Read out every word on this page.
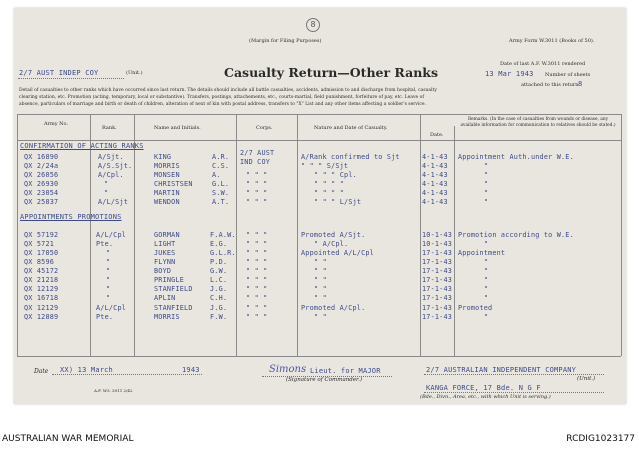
8
(Margin for Filing Purposes)	Army Form W.3011 (Books of 50).
2/7 AUST INDEP COY	(Unit.)	Casualty Return—Other Ranks
Date of last A.F. W.3011 rendered
13 Mar 1943 Number of sheets
8
attached to this return
Detail of casualties to other ranks which have occurred since last return. The details should include all battle casualties, accidents, admission to and discharge from hospital, casualty
clearing station, etc. Promotion (acting, temporary, local or substantive). Transfers, postings, attachements, etc., courts-martial, field punishment, forfeiture of pay, etc. Leave of
absence, particulars of marriage and birth or death of children, alteration of next of kin with postal address, transfers to "X" List and any other items affecting a soldier's service.
Army No.
Rank.	Name and Initials.	Corps.	Nature and Date of Casualty.
Date.
Remarks. (In the case of casualties from wounds or disease, any available information for communication to relatives should be stated.)
CONFIRMATION OF ACTING RANKS
QX 16890	A/Sjt.	KING	A.R. 2/7 AUST	A/Rank confirmed to Sjt	4-1-43 Appointment Auth.under W.E.
QX 2/24a	A/S.Sjt.	MORRIS	C.S. IND COY	" " " S/Sjt	4-1-43	"
QX 26056	A/Cpl.	MONSEN	A.	" " "	" " " Cpl.	4-1-43	"
QX 26930	"	CHRISTSEN	G.L. " " "	" " " "	4-1-43	"
QX 23054	"	MARTIN	S.W. " " "	" " " "	4-1-43	"
QX 25837	A/L/Sjt	WENDON	A.T. " " "	" " " L/Sjt	4-1-43	"
APPOINTMENTS PROMOTIONS
QX 57192	A/L/Cpl	GORMAN	F.A.W. " " "	Promoted A/Sjt.	10-1-43 Promotion according to W.E.
QX 5721	Pte.	LIGHT	E.G.	" " "	" A/Cpl.	10-1-43	"
QX 17050	"	JUKES	G.L.R. " " "	Appointed A/L/Cpl	17-1-43 Appointment
QX 8596	"	FLYNN	P.D.	" " "	" "	17-1-43	"
QX 45172	"	BOYD	G.W.	" " "	" "	17-1-43	"
QX 21218	"	PRINGLE	L.C.	" " "	" "	17-1-43	"
QX 12129	"	STANFIELD	J.G.	" " "	" "	17-1-43	"
QX 16718	"	APLIN	C.H.	" " "	" "	17-1-43	"
QX 12129	A/L/Cpl	STANFIELD	J.G.	" " "	Promoted A/Cpl.	17-1-43 Promoted
QX 12889	Pte.	MORRIS	F.W.	" " "	" "	17-1-43	"
Date XX) 13 March	1943	Simons Lieut. for MAJOR
(Signature of Commander.)
2/7 AUSTRALIAN INDEPENDENT COMPANY
(Unit.)
KANGA FORCE, 17 Bde. N G F
(Bde., Divn., Area, etc., with which Unit is serving.)
A.F. W3. 3011 2/42
AUSTRALIAN WAR MEMORIAL	RCDIG1023177
